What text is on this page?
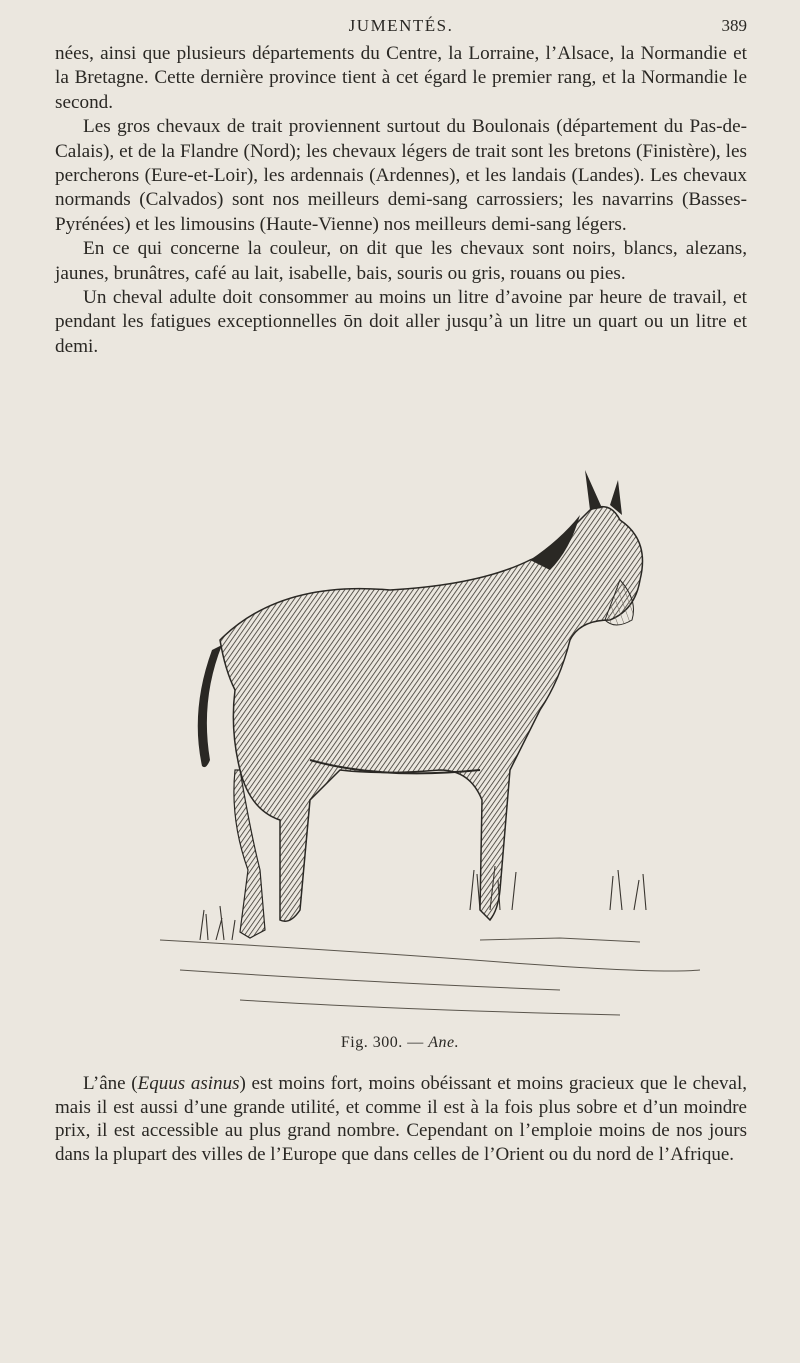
JUMENTÉS.	389

nées, ainsi que plusieurs départements du Centre, la Lorraine, l’Alsace, la Normandie et la Bretagne. Cette dernière province tient à cet égard le premier rang, et la Normandie le second.

Les gros chevaux de trait proviennent surtout du Boulonais (département du Pas-de-Calais), et de la Flandre (Nord); les chevaux légers de trait sont les bretons (Finistère), les percherons (Eure-et-Loir), les ardennais (Ardennes), et les landais (Landes). Les chevaux normands (Calvados) sont nos meilleurs demi-sang carrossiers; les navarrins (Basses-Pyrénées) et les limousins (Haute-Vienne) nos meilleurs demi-sang légers.

En ce qui concerne la couleur, on dit que les chevaux sont noirs, blancs, alezans, jaunes, brunâtres, café au lait, isabelle, bais, souris ou gris, rouans ou pies.

Un cheval adulte doit consommer au moins un litre d’avoine par heure de travail, et pendant les fatigues exceptionnelles ōn doit aller jusqu’à un litre un quart ou un litre et demi.

Fig. 300. — Ane.

L’âne (Equus asinus) est moins fort, moins obéissant et moins gracieux que le cheval, mais il est aussi d’une grande utilité, et comme il est à la fois plus sobre et d’un moindre prix, il est accessible au plus grand nombre. Cependant on l’emploie moins de nos jours dans la plupart des villes de l’Europe que dans celles de l’Orient ou du nord de l’Afrique.
